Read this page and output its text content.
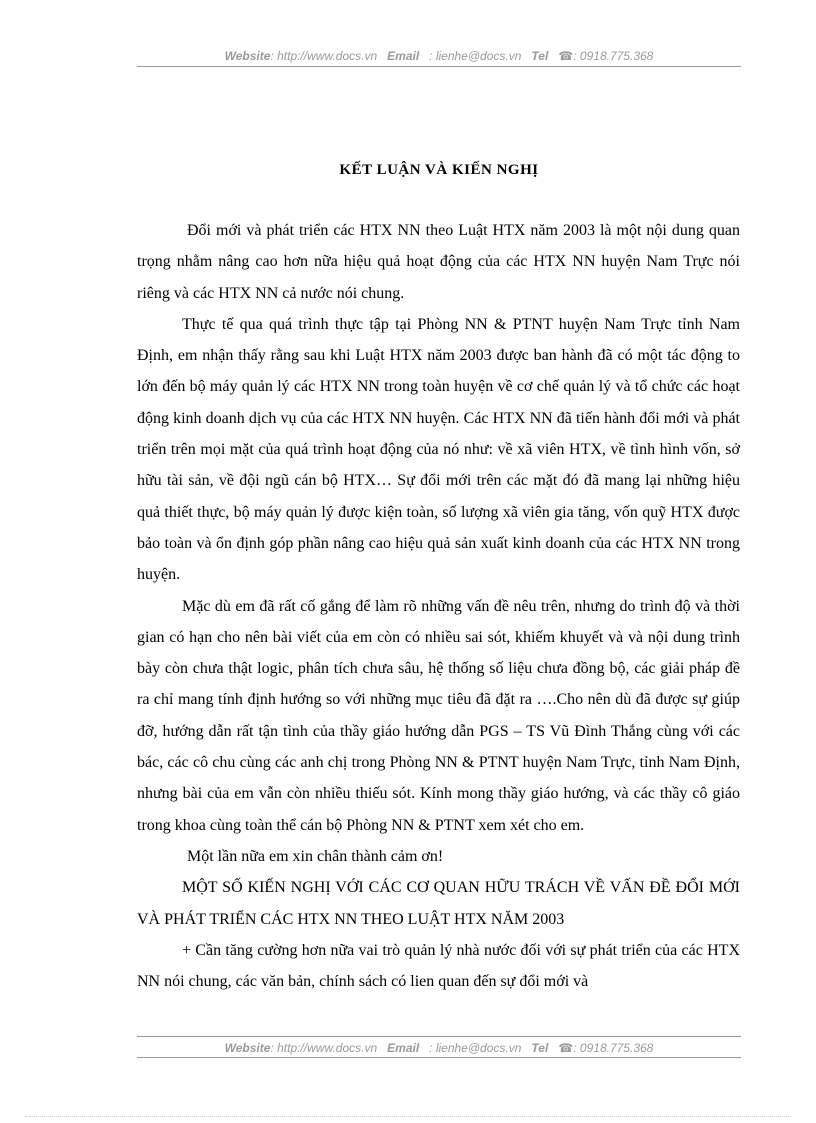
Website: http://www.docs.vn Email : lienhe@docs.vn Tel ☎: 0918.775.368
KẾT LUẬN VÀ KIẾN NGHỊ

Đổi mới và phát triển các HTX NN theo Luật HTX năm 2003 là một nội dung quan trọng nhằm nâng cao hơn nữa hiệu quả hoạt động của các HTX NN huyện Nam Trực nói riêng và các HTX NN cả nước nói chung.

Thực tế qua quá trình thực tập tại Phòng NN & PTNT huyện Nam Trực tỉnh Nam Định, em nhận thấy rằng sau khi Luật HTX năm 2003 được ban hành đã có một tác động to lớn đến bộ máy quản lý các HTX NN trong toàn huyện về cơ chế quản lý và tổ chức các hoạt động kinh doanh dịch vụ của các HTX NN huyện. Các HTX NN đã tiến hành đổi mới và phát triển trên mọi mặt của quá trình hoạt động của nó như: về xã viên HTX, về tình hình vốn, sở hữu tài sản, về đội ngũ cán bộ HTX… Sự đổi mới trên các mặt đó đã mang lại những hiệu quả thiết thực, bộ máy quản lý được kiện toàn, số lượng xã viên gia tăng, vốn quỹ HTX được bảo toàn và ổn định góp phần nâng cao hiệu quả sản xuất kinh doanh của các HTX NN trong huyện.

Mặc dù em đã rất cố gắng để làm rõ những vấn đề nêu trên, nhưng do trình độ và thời gian có hạn cho nên bài viết của em còn có nhiều sai sót, khiếm khuyết và và nội dung trình bày còn chưa thật logic, phân tích chưa sâu, hệ thống số liệu chưa đồng bộ, các giải pháp đề ra chỉ mang tính định hướng so với những mục tiêu đã đặt ra ….Cho nên dù đã được sự giúp đỡ, hướng dẫn rất tận tình của thầy giáo hướng dẫn PGS – TS Vũ Đình Thắng cùng với các bác, các cô chu cùng các anh chị trong Phòng NN & PTNT huyện Nam Trực, tỉnh Nam Định, nhưng bài của em vẫn còn nhiều thiếu sót. Kính mong thầy giáo hướng, và các thầy cô giáo trong khoa cùng toàn thể cán bộ Phòng NN & PTNT xem xét cho em.

Một lần nữa em xin chân thành cảm ơn!

MỘT SỐ KIẾN NGHỊ VỚI CÁC CƠ QUAN HỮU TRÁCH VỀ VẤN ĐỀ ĐỔI MỚI VÀ PHÁT TRIỂN CÁC HTX NN THEO LUẬT HTX NĂM 2003

+ Cần tăng cường hơn nữa vai trò quản lý nhà nước đối với sự phát triển của các HTX NN nói chung, các văn bản, chính sách có lien quan đến sự đổi mới và

Website: http://www.docs.vn Email : lienhe@docs.vn Tel ☎: 0918.775.368
